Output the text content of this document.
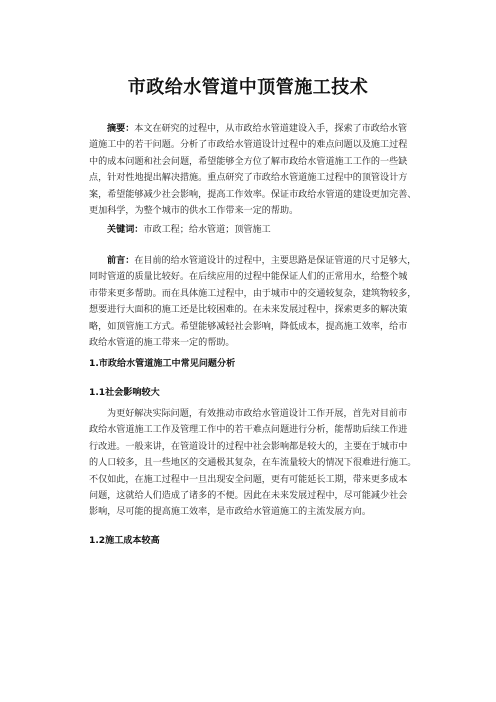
市政给水管道中顶管施工技术
摘要：本文在研究的过程中，从市政给水管道建设入手，探索了市政给水管
道施工中的若干问题。分析了市政给水管道设计过程中的难点问题以及施工过程
中的成本问题和社会问题，希望能够全方位了解市政给水管道施工工作的一些缺
点，针对性地提出解决措施。重点研究了市政给水管道施工过程中的顶管设计方
案，希望能够减少社会影响，提高工作效率。保证市政给水管道的建设更加完善、
更加科学，为整个城市的供水工作带来一定的帮助。
关键词：市政工程；给水管道；顶管施工
前言：在目前的给水管道设计的过程中，主要思路是保证管道的尺寸足够大，
同时管道的质量比较好。在后续应用的过程中能保证人们的正常用水，给整个城
市带来更多帮助。而在具体施工过程中，由于城市中的交通较复杂，建筑物较多，
想要进行大面积的施工还是比较困难的。在未来发展过程中，探索更多的解决策
略，如顶管施工方式。希望能够减轻社会影响，降低成本，提高施工效率，给市
政给水管道的施工带来一定的帮助。
1.市政给水管道施工中常见问题分析
1.1社会影响较大
为更好解决实际问题，有效推动市政给水管道设计工作开展，首先对目前市
政给水管道施工工作及管理工作中的若干难点问题进行分析，能帮助后续工作进
行改进。一般来讲，在管道设计的过程中社会影响都是较大的，主要在于城市中
的人口较多，且一些地区的交通极其复杂，在车流量较大的情况下很难进行施工。
不仅如此，在施工过程中一旦出现安全问题，更有可能延长工期，带来更多成本
问题，这就给人们造成了诸多的不便。因此在未来发展过程中，尽可能减少社会
影响，尽可能的提高施工效率，是市政给水管道施工的主流发展方向。
1.2施工成本较高
